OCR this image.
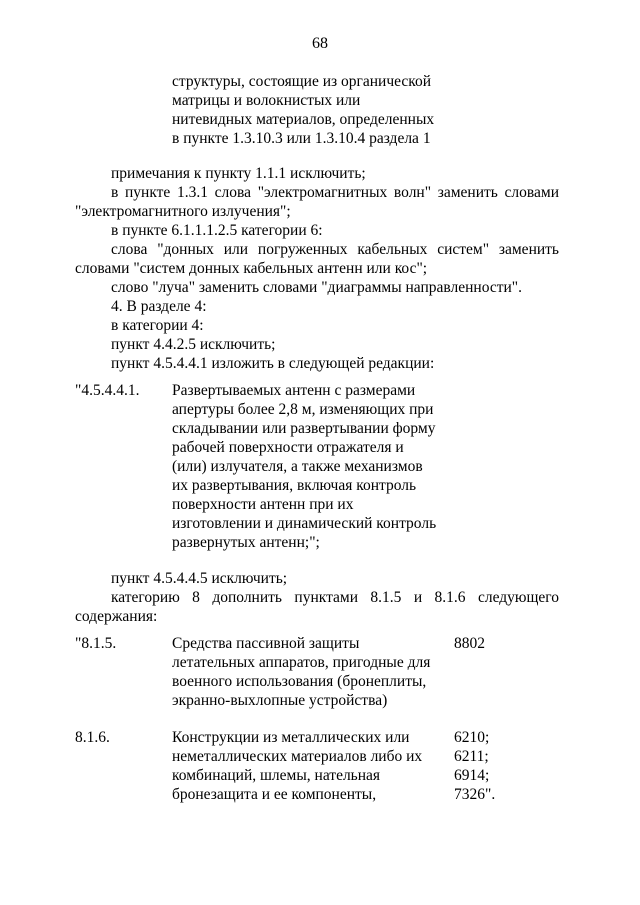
68
структуры, состоящие из органической
матрицы и волокнистых или
нитевидных материалов, определенных
в пункте 1.3.10.3 или 1.3.10.4 раздела 1
примечания к пункту 1.1.1 исключить;
в пункте 1.3.1 слова "электромагнитных волн" заменить словами
"электромагнитного излучения";
в пункте 6.1.1.1.2.5 категории 6:
слова "донных или погруженных кабельных систем" заменить
словами "систем донных кабельных антенн или кос";
слово "луча" заменить словами "диаграммы направленности".
4. В разделе 4:
в категории 4:
пункт 4.4.2.5 исключить;
пункт 4.5.4.4.1 изложить в следующей редакции:
"4.5.4.4.1. Развертываемых антенн с размерами
апертуры более 2,8 м, изменяющих при
складывании или развертывании форму
рабочей поверхности отражателя и
(или) излучателя, а также механизмов
их развертывания, включая контроль
поверхности антенн при их
изготовлении и динамический контроль
развернутых антенн;";
пункт 4.5.4.4.5 исключить;
категорию 8 дополнить пунктами 8.1.5 и 8.1.6 следующего
содержания:
"8.1.5.	Средства пассивной защиты
летательных аппаратов, пригодные для
военного использования (бронеплиты,
экранно-выхлопные устройства)
8802
8.1.6.	Конструкции из металлических или
неметаллических материалов либо их
комбинаций, шлемы, нательная
бронезащита и ее компоненты,
6210;
6211;
6914;
7326".
